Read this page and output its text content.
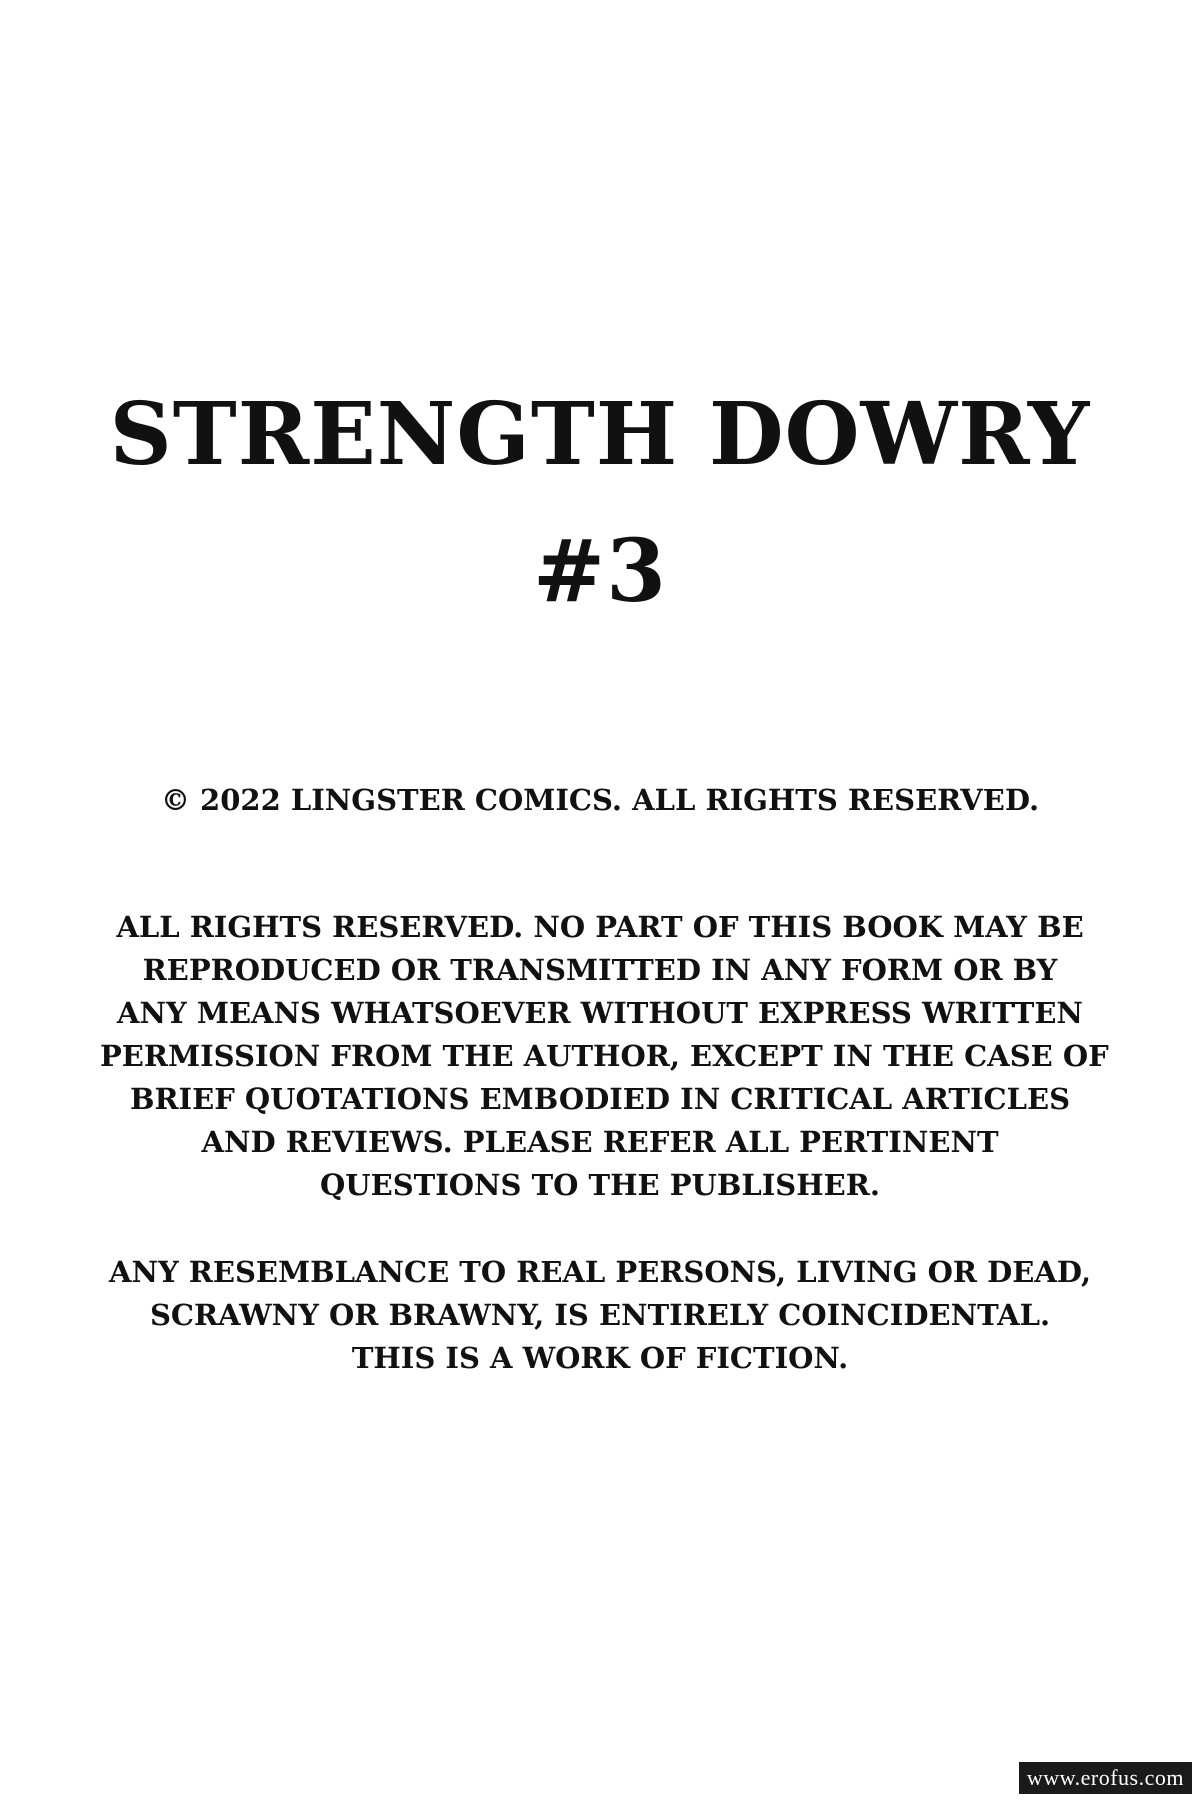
STRENGTH DOWRY
#3
© 2022 LINGSTER COMICS. ALL RIGHTS RESERVED.
ALL RIGHTS RESERVED. NO PART OF THIS BOOK MAY BE
REPRODUCED OR TRANSMITTED IN ANY FORM OR BY
ANY MEANS WHATSOEVER WITHOUT EXPRESS WRITTEN
PERMISSION FROM THE AUTHOR, EXCEPT IN THE CASE OF
BRIEF QUOTATIONS EMBODIED IN CRITICAL ARTICLES
AND REVIEWS. PLEASE REFER ALL PERTINENT
QUESTIONS TO THE PUBLISHER.
ANY RESEMBLANCE TO REAL PERSONS, LIVING OR DEAD,
SCRAWNY OR BRAWNY, IS ENTIRELY COINCIDENTAL.
THIS IS A WORK OF FICTION.
www.erofus.com
